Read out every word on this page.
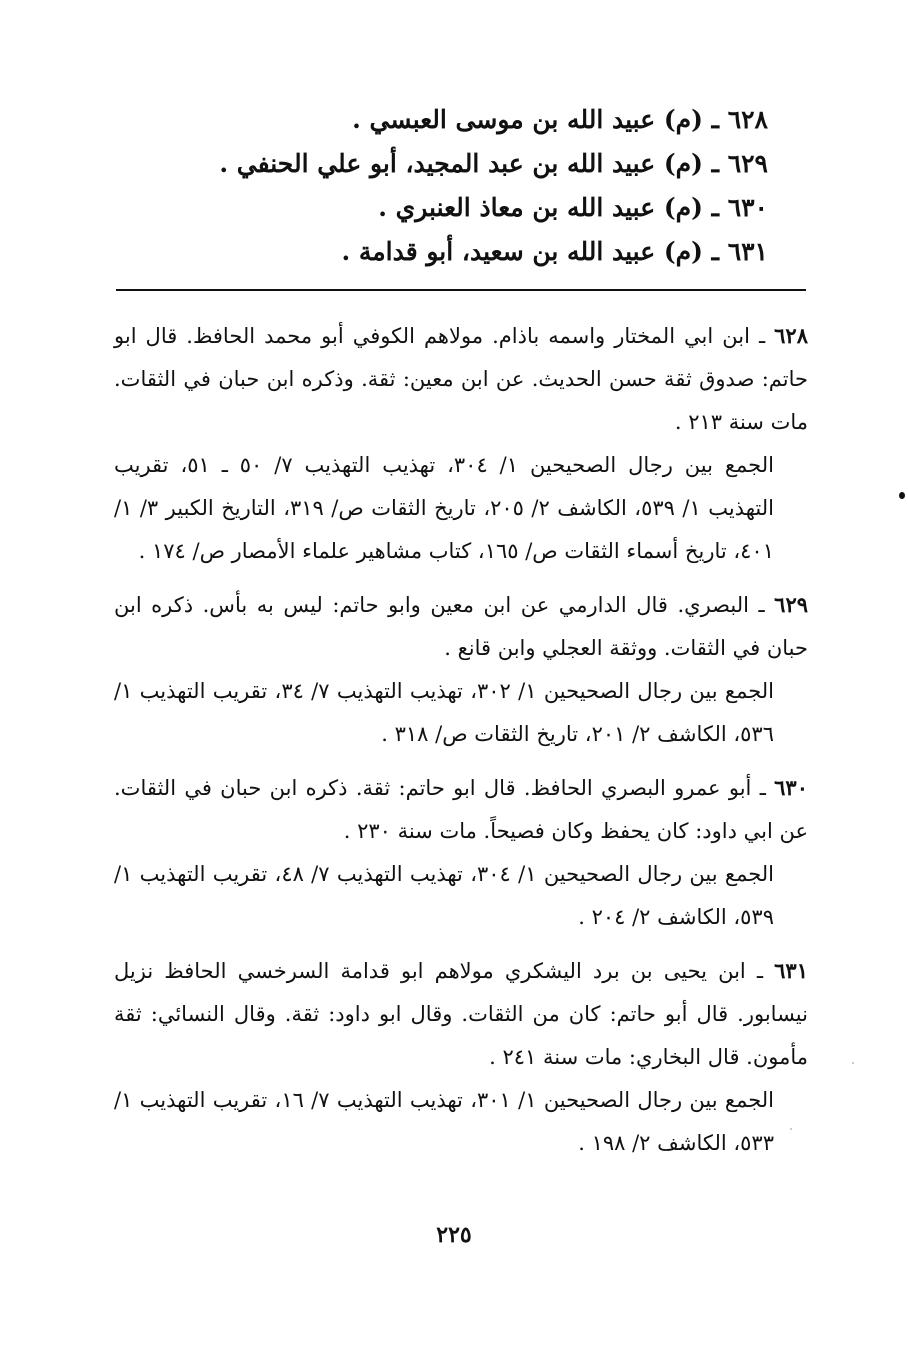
٦٢٨ ـ (م) عبيد الله بن موسى العبسي .
٦٢٩ ـ (م) عبيد الله بن عبد المجيد، أبو علي الحنفي .
٦٣٠ ـ (م) عبيد الله بن معاذ العنبري .
٦٣١ ـ (م) عبيد الله بن سعيد، أبو قدامة .

٦٢٨ ـ ابن ابي المختار واسمه باذام. مولاهم الكوفي أبو محمد الحافظ. قال ابو حاتم: صدوق ثقة حسن الحديث. عن ابن معين: ثقة. وذكره ابن حبان في الثقات. مات سنة ٢١٣ .

الجمع بين رجال الصحيحين ١/ ٣٠٤، تهذيب التهذيب ٧/ ٥٠ ـ ٥١، تقريب التهذيب ١/ ٥٣٩، الكاشف ٢/ ٢٠٥، تاريخ الثقات ص/ ٣١٩، التاريخ الكبير ٣/ ١/ ٤٠١، تاريخ أسماء الثقات ص/ ١٦٥، كتاب مشاهير علماء الأمصار ص/ ١٧٤ .

٦٢٩ ـ البصري. قال الدارمي عن ابن معين وابو حاتم: ليس به بأس. ذكره ابن حبان في الثقات. ووثقة العجلي وابن قانع .

الجمع بين رجال الصحيحين ١/ ٣٠٢، تهذيب التهذيب ٧/ ٣٤، تقريب التهذيب ١/ ٥٣٦، الكاشف ٢/ ٢٠١، تاريخ الثقات ص/ ٣١٨ .

٦٣٠ ـ أبو عمرو البصري الحافظ. قال ابو حاتم: ثقة. ذكره ابن حبان في الثقات. عن ابي داود: كان يحفظ وكان فصيحاً. مات سنة ٢٣٠ .

الجمع بين رجال الصحيحين ١/ ٣٠٤، تهذيب التهذيب ٧/ ٤٨، تقريب التهذيب ١/ ٥٣٩، الكاشف ٢/ ٢٠٤ .

٦٣١ ـ ابن يحيى بن برد اليشكري مولاهم ابو قدامة السرخسي الحافظ نزيل نيسابور. قال أبو حاتم: كان من الثقات. وقال ابو داود: ثقة. وقال النسائي: ثقة مأمون. قال البخاري: مات سنة ٢٤١ .

الجمع بين رجال الصحيحين ١/ ٣٠١، تهذيب التهذيب ٧/ ١٦، تقريب التهذيب ١/ ٥٣٣، الكاشف ٢/ ١٩٨ .

٢٢٥
